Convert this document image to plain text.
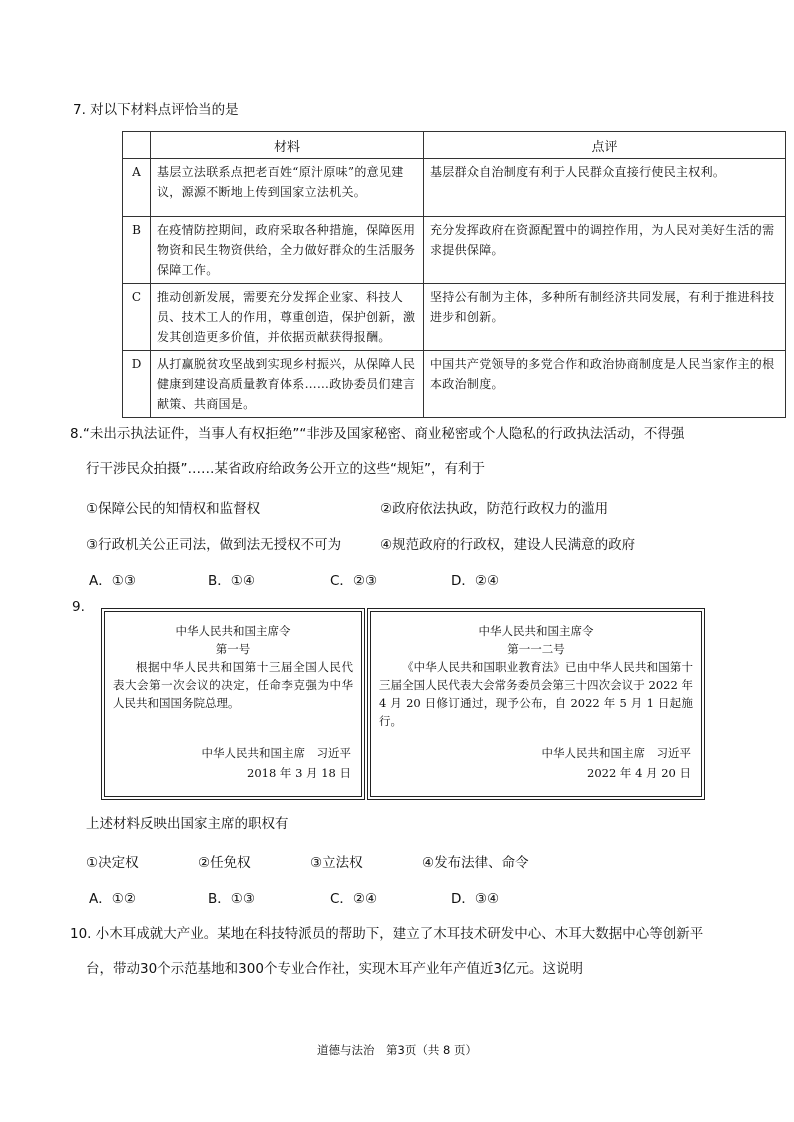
7. 对以下材料点评恰当的是
	材料	点评
A	基层立法联系点把老百姓“原汁原味”的意见建议，源源不断地上传到国家立法机关。	基层群众自治制度有利于人民群众直接行使民主权利。

B	在疫情防控期间，政府采取各种措施，保障医用物资和民生物资供给，全力做好群众的生活服务保障工作。	充分发挥政府在资源配置中的调控作用，为人民对美好生活的需求提供保障。

C	推动创新发展，需要充分发挥企业家、科技人员、技术工人的作用，尊重创造，保护创新，激发其创造更多价值，并依据贡献获得报酬。	坚持公有制为主体，多种所有制经济共同发展，有利于推进科技进步和创新。

D	从打赢脱贫攻坚战到实现乡村振兴，从保障人民健康到建设高质量教育体系……政协委员们建言献策、共商国是。	中国共产党领导的多党合作和政治协商制度是人民当家作主的根本政治制度。
8.“未出示执法证件，当事人有权拒绝”“非涉及国家秘密、商业秘密或个人隐私的行政执法活动，不得强
行干涉民众拍摄”……某省政府给政务公开立的这些“规矩”，有利于
①保障公民的知情权和监督权	②政府依法执政，防范行政权力的滥用
③行政机关公正司法，做到法无授权不可为	④规范政府的行政权，建设人民满意的政府
A．①③	B．①④	C．②③	D．②④
9.
中华人民共和国主席令
第一号
根据中华人民共和国第十三届全国人民代表大会第一次会议的决定，任命李克强为中华人民共和国国务院总理。
中华人民共和国主席　习近平
2018 年 3 月 18 日
中华人民共和国主席令
第一一二号
《中华人民共和国职业教育法》已由中华人民共和国第十三届全国人民代表大会常务委员会第三十四次会议于 2022 年 4 月 20 日修订通过，现予公布，自 2022 年 5 月 1 日起施行。
中华人民共和国主席　习近平
2022 年 4 月 20 日
上述材料反映出国家主席的职权有
①决定权	②任免权	③立法权	④发布法律、命令
A．①②	B．①③	C．②④	D．③④
10. 小木耳成就大产业。某地在科技特派员的帮助下，建立了木耳技术研发中心、木耳大数据中心等创新平
台，带动30个示范基地和300个专业合作社，实现木耳产业年产值近3亿元。这说明
道德与法治　第3页（共 8 页）
